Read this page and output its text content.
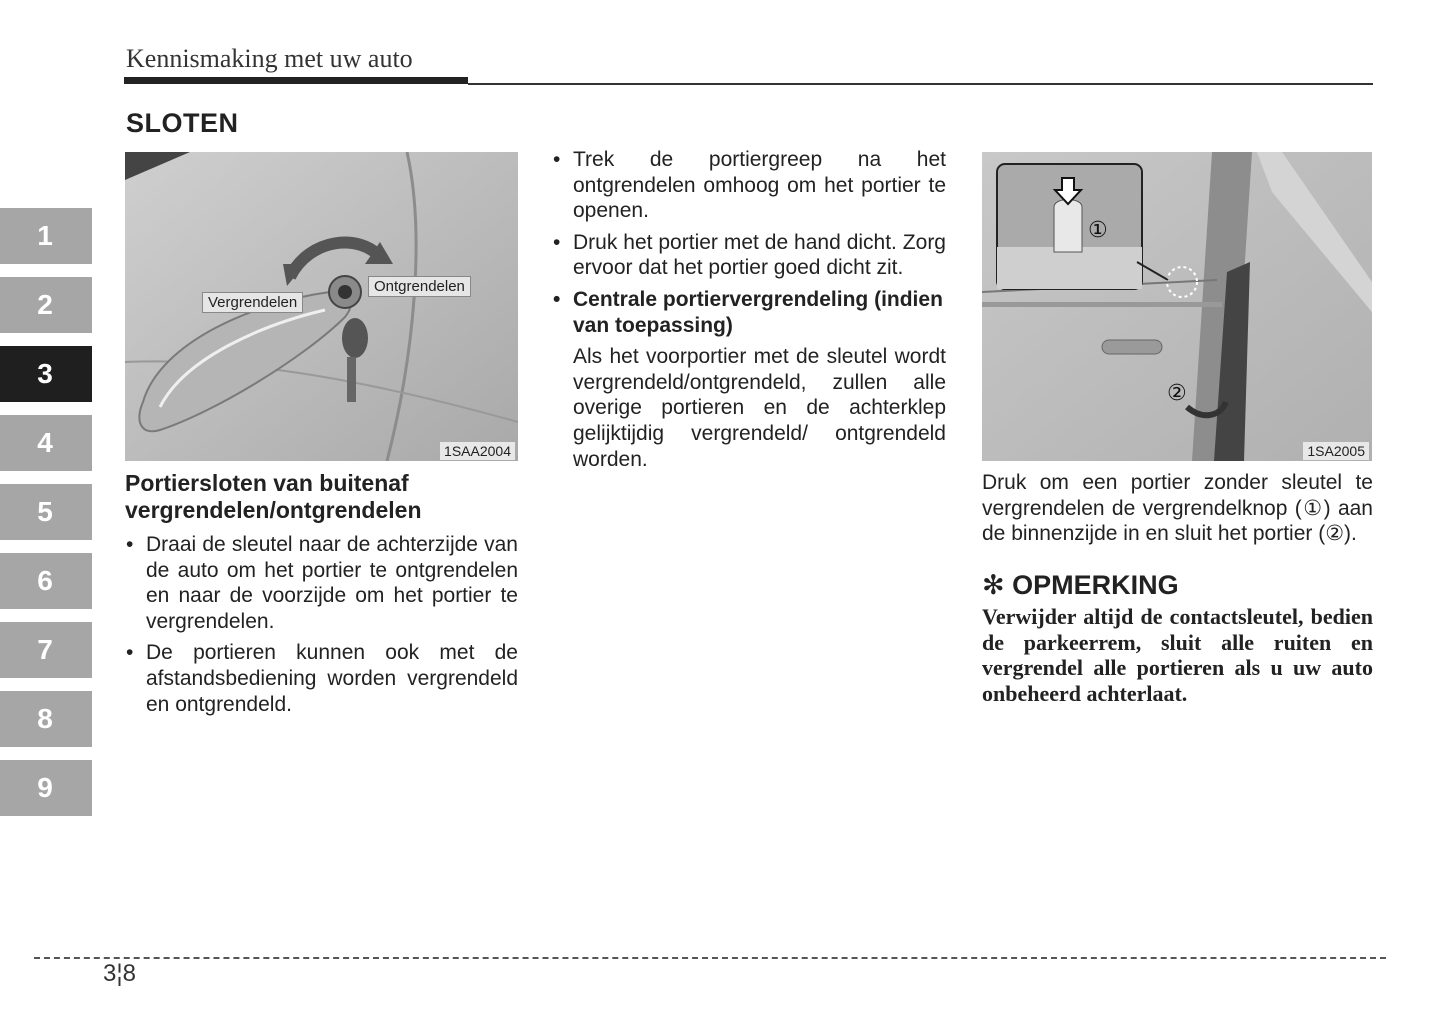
Kennismaking met uw auto
SLOTEN
1
2
3
4
5
6
7
8
9
Vergrendelen
Ontgrendelen
1SAA2004
①
②
1SA2005
Portiersloten van buitenaf vergrendelen/ontgrendelen
• Draai de sleutel naar de achterzijde van de auto om het portier te ontgrendelen en naar de voorzijde om het portier te vergrendelen.
• De portieren kunnen ook met de afstandsbediening worden vergrendeld en ontgrendeld.
• Trek de portiergreep na het ontgrendelen omhoog om het portier te openen.
• Druk het portier met de hand dicht. Zorg ervoor dat het portier goed dicht zit.
• Centrale portiervergrendeling (indien van toepassing)
Als het voorportier met de sleutel wordt vergrendeld/ontgrendeld, zullen alle overige portieren en de achterklep gelijktijdig vergrendeld/ ontgrendeld worden.
Druk om een portier zonder sleutel te vergrendelen de vergrendelknop (①) aan de binnenzijde in en sluit het portier (②).
✻ OPMERKING
Verwijder altijd de contactsleutel, bedien de parkeerrem, sluit alle ruiten en vergrendel alle portieren als u uw auto onbeheerd achterlaat.
3¦8
